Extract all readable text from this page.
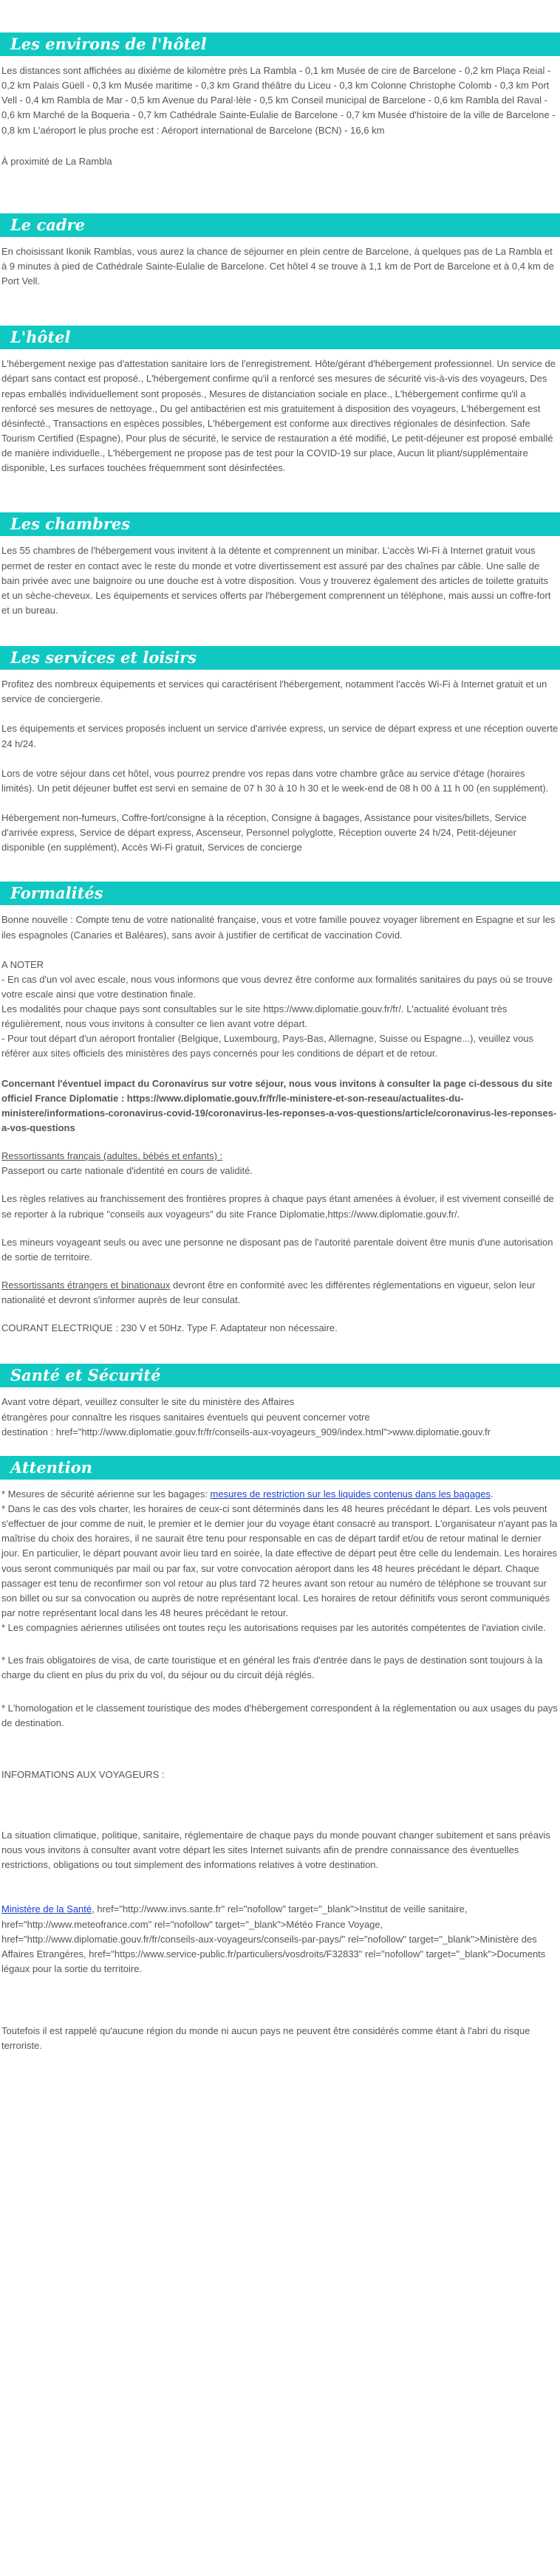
Les environs de l'hôtel

Les distances sont affichées au dixième de kilomètre près La Rambla - 0,1 km Musée de cire de Barcelone - 0,2 km Plaça Reial - 0,2 km Palais Güell - 0,3 km Musée maritime - 0,3 km Grand théâtre du Liceu - 0,3 km Colonne Christophe Colomb - 0,3 km Port Vell - 0,4 km Rambla de Mar - 0,5 km Avenue du Paral·lèle - 0,5 km Conseil municipal de Barcelone - 0,6 km Rambla del Raval - 0,6 km Marché de la Boqueria - 0,7 km Cathédrale Sainte-Eulalie de Barcelone - 0,7 km Musée d'histoire de la ville de Barcelone - 0,8 km L'aéroport le plus proche est : Aéroport international de Barcelone (BCN) - 16,6 km

À proximité de La Rambla

Le cadre

En choisissant Ikonik Ramblas, vous aurez la chance de séjourner en plein centre de Barcelone, à quelques pas de La Rambla et à 9 minutes à pied de Cathédrale Sainte-Eulalie de Barcelone. Cet hôtel 4 se trouve à 1,1 km de Port de Barcelone et à 0,4 km de Port Vell.

L'hôtel

L'hébergement nexige pas d'attestation sanitaire lors de l'enregistrement. Hôte/gérant d'hébergement professionnel. Un service de départ sans contact est proposé., L'hébergement confirme qu'il a renforcé ses mesures de sécurité vis-à-vis des voyageurs, Des repas emballés individuellement sont proposés., Mesures de distanciation sociale en place., L'hébergement confirme qu'il a renforcé ses mesures de nettoyage., Du gel antibactérien est mis gratuitement à disposition des voyageurs, L'hébergement est désinfecté., Transactions en espèces possibles, L'hébergement est conforme aux directives régionales de désinfection. Safe Tourism Certified (Espagne), Pour plus de sécurité, le service de restauration a été modifié, Le petit-déjeuner est proposé emballé de manière individuelle., L'hébergement ne propose pas de test pour la COVID-19 sur place, Aucun lit pliant/supplémentaire disponible, Les surfaces touchées fréquemment sont désinfectées.

Les chambres

Les 55 chambres de l'hébergement vous invitent à la détente et comprennent un minibar. L'accès Wi-Fi à Internet gratuit vous permet de rester en contact avec le reste du monde et votre divertissement est assuré par des chaînes par câble. Une salle de bain privée avec une baignoire ou une douche est à votre disposition. Vous y trouverez également des articles de toilette gratuits et un sèche-cheveux. Les équipements et services offerts par l'hébergement comprennent un téléphone, mais aussi un coffre-fort et un bureau.

Les services et loisirs

Profitez des nombreux équipements et services qui caractérisent l'hébergement, notamment l'accès Wi-Fi à Internet gratuit et un service de conciergerie.

Les équipements et services proposés incluent un service d'arrivée express, un service de départ express et une réception ouverte 24 h/24.

Lors de votre séjour dans cet hôtel, vous pourrez prendre vos repas dans votre chambre grâce au service d'étage (horaires limités). Un petit déjeuner buffet est servi en semaine de 07 h 30 à 10 h 30 et le week-end de 08 h 00 à 11 h 00 (en supplément).

Hébergement non-fumeurs, Coffre-fort/consigne à la réception, Consigne à bagages, Assistance pour visites/billets, Service d'arrivée express, Service de départ express, Ascenseur, Personnel polyglotte, Réception ouverte 24 h/24, Petit-déjeuner disponible (en supplément), Accès Wi-Fi gratuit, Services de concierge

Formalités

Bonne nouvelle : Compte tenu de votre nationalité française, vous et votre famille pouvez voyager librement en Espagne et sur les iles espagnoles (Canaries et Baléares), sans avoir à justifier de certificat de vaccination Covid.

A NOTER

- En cas d'un vol avec escale, nous vous informons que vous devrez être conforme aux formalités sanitaires du pays où se trouve votre escale ainsi que votre destination finale.

Les modalités pour chaque pays sont consultables sur le site https://www.diplomatie.gouv.fr/fr/. L'actualité évoluant très régulièrement, nous vous invitons à consulter ce lien avant votre départ.

- Pour tout départ d'un aéroport frontalier (Belgique, Luxembourg, Pays-Bas, Allemagne, Suisse ou Espagne...), veuillez vous référer aux sites officiels des ministères des pays concernés pour les conditions de départ et de retour.

Concernant l'éventuel impact du Coronavirus sur votre séjour, nous vous invitons à consulter la page ci-dessous du site officiel France Diplomatie : https://www.diplomatie.gouv.fr/fr/le-ministere-et-son-reseau/actualites-du-ministere/informations-coronavirus-covid-19/coronavirus-les-reponses-a-vos-questions/article/coronavirus-les-reponses-a-vos-questions

Ressortissants français (adultes, bébés et enfants) :

Passeport ou carte nationale d'identité en cours de validité.

Les règles relatives au franchissement des frontières propres à chaque pays étant amenées à évoluer, il est vivement conseillé de se reporter à la rubrique "conseils aux voyageurs" du site France Diplomatie,https://www.diplomatie.gouv.fr/.

Les mineurs voyageant seuls ou avec une personne ne disposant pas de l'autorité parentale doivent être munis d'une autorisation de sortie de territoire.

Ressortissants étrangers et binationaux devront être en conformité avec les différentes réglementations en vigueur, selon leur nationalité et devront s'informer auprès de leur consulat.

COURANT ELECTRIQUE : 230 V et 50Hz. Type F. Adaptateur non nécessaire.

Santé et Sécurité

Avant votre départ, veuillez consulter le site du ministère des Affaires

étrangères pour connaître les risques sanitaires éventuels qui peuvent concerner votre

destination : href="http://www.diplomatie.gouv.fr/fr/conseils-aux-voyageurs_909/index.html">www.diplomatie.gouv.fr

Attention

* Mesures de sécurité aérienne sur les bagages: mesures de restriction sur les liquides contenus dans les bagages.

* Dans le cas des vols charter, les horaires de ceux-ci sont déterminés dans les 48 heures précédant le départ. Les vols peuvent s'effectuer de jour comme de nuit, le premier et le dernier jour du voyage étant consacré au transport. L'organisateur n'ayant pas la maîtrise du choix des horaires, il ne saurait être tenu pour responsable en cas de départ tardif et/ou de retour matinal le dernier jour. En particulier, le départ pouvant avoir lieu tard en soirée, la date effective de départ peut être celle du lendemain. Les horaires vous seront communiqués par mail ou par fax, sur votre convocation aéroport dans les 48 heures précédant le départ. Chaque passager est tenu de reconfirmer son vol retour au plus tard 72 heures avant son retour au numéro de téléphone se trouvant sur son billet ou sur sa convocation ou auprès de notre représentant local. Les horaires de retour définitifs vous seront communiqués par notre représentant local dans les 48 heures précédant le retour.

* Les compagnies aériennes utilisées ont toutes reçu les autorisations requises par les autorités compétentes de l'aviation civile.

* Les frais obligatoires de visa, de carte touristique et en général les frais d'entrée dans le pays de destination sont toujours à la charge du client en plus du prix du vol, du séjour ou du circuit déjà réglés.

* L'homologation et le classement touristique des modes d'hébergement correspondent à la réglementation ou aux usages du pays de destination.

INFORMATIONS AUX VOYAGEURS :

La situation climatique, politique, sanitaire, réglementaire de chaque pays du monde pouvant changer subitement et sans préavis

nous vous invitons à consulter avant votre départ les sites Internet suivants afin de prendre connaissance des éventuelles restrictions, obligations ou tout simplement des informations relatives à votre destination.

Ministère de la Santé, href="http://www.invs.sante.fr" rel="nofollow" target="_blank">Institut de veille sanitaire, href="http://www.meteofrance.com" rel="nofollow" target="_blank">Météo France Voyage, href="http://www.diplomatie.gouv.fr/fr/conseils-aux-voyageurs/conseils-par-pays/" rel="nofollow" target="_blank">Ministère des Affaires Etrangères, href="https://www.service-public.fr/particuliers/vosdroits/F32833" rel="nofollow" target="_blank">Documents légaux pour la sortie du territoire.

Toutefois il est rappelé qu'aucune région du monde ni aucun pays ne peuvent être considérés comme étant à l'abri du risque terroriste.
